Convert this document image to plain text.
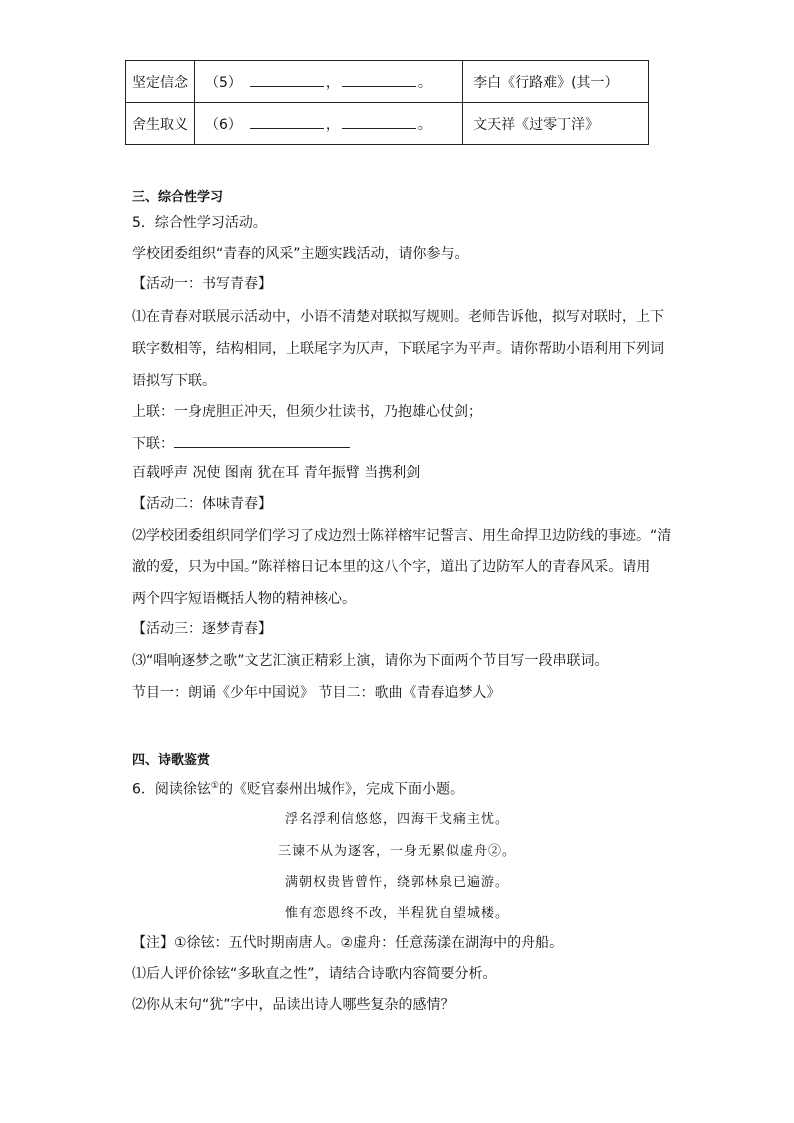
坚定信念	（5） ， 。	李白《行路难》(其一）
舍生取义	（6） ， 。	文天祥《过零丁洋》
三、综合性学习
5．综合性学习活动。
学校团委组织“青春的风采”主题实践活动，请你参与。
【活动一：书写青春】
⑴在青春对联展示活动中，小语不清楚对联拟写规则。老师告诉他，拟写对联时，上下
联字数相等，结构相同，上联尾字为仄声，下联尾字为平声。请你帮助小语利用下列词
语拟写下联。
上联：一身虎胆正冲天，但须少壮读书，乃抱雄心仗剑；
下联：
百载呼声 况使 图南 犹在耳 青年振臂 当携利剑
【活动二：体味青春】
⑵学校团委组织同学们学习了戍边烈士陈祥榕牢记誓言、用生命捍卫边防线的事迹。“清
澈的爱，只为中国。”陈祥榕日记本里的这八个字，道出了边防军人的青春风采。请用
两个四字短语概括人物的精神核心。
【活动三：逐梦青春】
⑶“唱响逐梦之歌”文艺汇演正精彩上演，请你为下面两个节目写一段串联词。
节目一：朗诵《少年中国说》 节目二：歌曲《青春追梦人》
四、诗歌鉴赏
6．阅读徐铉①的《贬官泰州出城作》，完成下面小题。
浮名浮利信悠悠，四海干戈痛主忧。
三谏不从为逐客，一身无累似虚舟②。
满朝权贵皆曾忤，绕郭林泉已遍游。
惟有恋恩终不改，半程犹自望城楼。
【注】①徐铉：五代时期南唐人。②虚舟：任意荡漾在湖海中的舟船。
⑴后人评价徐铉“多耿直之性”，请结合诗歌内容简要分析。
⑵你从末句“犹”字中，品读出诗人哪些复杂的感情？
